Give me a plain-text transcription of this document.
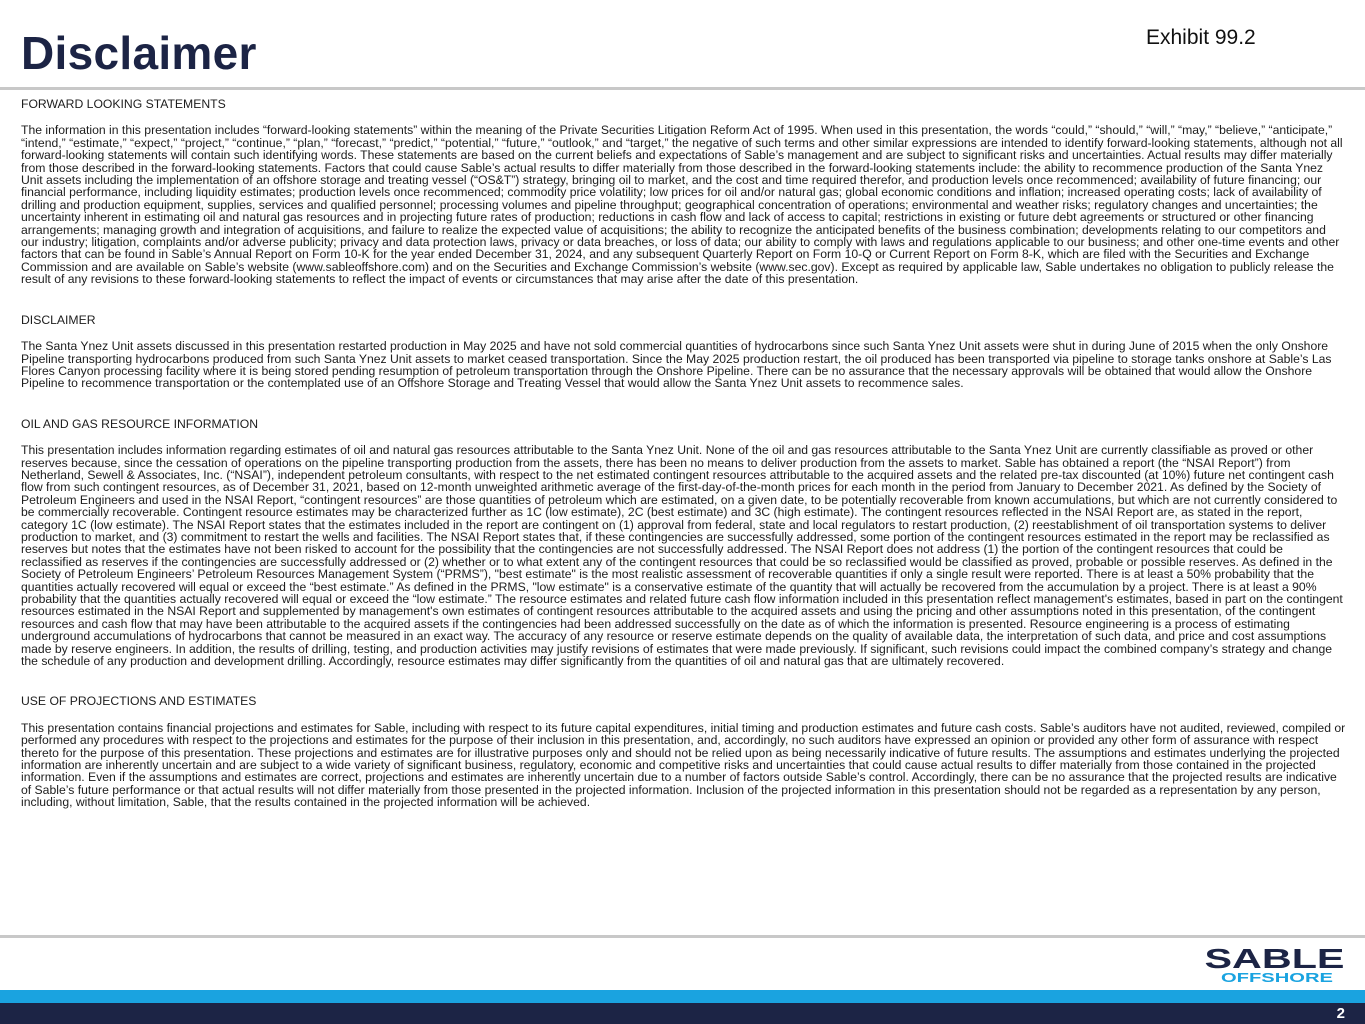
Disclaimer	Exhibit 99.2

FORWARD LOOKING STATEMENTS

The information in this presentation includes “forward-looking statements” within the meaning of the Private Securities Litigation Reform Act of 1995. When used in this presentation, the words “could,” “should,” “will,” “may,” “believe,” “anticipate,” “intend,” “estimate,” “expect,” “project,” “continue,” “plan,” “forecast,” “predict,” “potential,” “future,” “outlook,” and “target,” the negative of such terms and other similar expressions are intended to identify forward-looking statements, although not all forward-looking statements will contain such identifying words. These statements are based on the current beliefs and expectations of Sable’s management and are subject to significant risks and uncertainties. Actual results may differ materially from those described in the forward-looking statements. Factors that could cause Sable’s actual results to differ materially from those described in the forward-looking statements include: the ability to recommence production of the Santa Ynez Unit assets including the implementation of an offshore storage and treating vessel (“OS&T”) strategy, bringing oil to market, and the cost and time required therefor, and production levels once recommenced; availability of future financing; our financial performance, including liquidity estimates; production levels once recommenced; commodity price volatility; low prices for oil and/or natural gas; global economic conditions and inflation; increased operating costs; lack of availability of drilling and production equipment, supplies, services and qualified personnel; processing volumes and pipeline throughput; geographical concentration of operations; environmental and weather risks; regulatory changes and uncertainties; the uncertainty inherent in estimating oil and natural gas resources and in projecting future rates of production; reductions in cash flow and lack of access to capital; restrictions in existing or future debt agreements or structured or other financing arrangements; managing growth and integration of acquisitions, and failure to realize the expected value of acquisitions; the ability to recognize the anticipated benefits of the business combination; developments relating to our competitors and our industry; litigation, complaints and/or adverse publicity; privacy and data protection laws, privacy or data breaches, or loss of data; our ability to comply with laws and regulations applicable to our business; and other one-time events and other factors that can be found in Sable’s Annual Report on Form 10-K for the year ended December 31, 2024, and any subsequent Quarterly Report on Form 10-Q or Current Report on Form 8-K, which are filed with the Securities and Exchange Commission and are available on Sable’s website (www.sableoffshore.com) and on the Securities and Exchange Commission’s website (www.sec.gov). Except as required by applicable law, Sable undertakes no obligation to publicly release the result of any revisions to these forward-looking statements to reflect the impact of events or circumstances that may arise after the date of this presentation.

DISCLAIMER

The Santa Ynez Unit assets discussed in this presentation restarted production in May 2025 and have not sold commercial quantities of hydrocarbons since such Santa Ynez Unit assets were shut in during June of 2015 when the only Onshore Pipeline transporting hydrocarbons produced from such Santa Ynez Unit assets to market ceased transportation. Since the May 2025 production restart, the oil produced has been transported via pipeline to storage tanks onshore at Sable’s Las Flores Canyon processing facility where it is being stored pending resumption of petroleum transportation through the Onshore Pipeline. There can be no assurance that the necessary approvals will be obtained that would allow the Onshore Pipeline to recommence transportation or the contemplated use of an Offshore Storage and Treating Vessel that would allow the Santa Ynez Unit assets to recommence sales.

OIL AND GAS RESOURCE INFORMATION

This presentation includes information regarding estimates of oil and natural gas resources attributable to the Santa Ynez Unit. None of the oil and gas resources attributable to the Santa Ynez Unit are currently classifiable as proved or other reserves because, since the cessation of operations on the pipeline transporting production from the assets, there has been no means to deliver production from the assets to market. Sable has obtained a report (the “NSAI Report”) from Netherland, Sewell & Associates, Inc. (“NSAI”), independent petroleum consultants, with respect to the net estimated contingent resources attributable to the acquired assets and the related pre-tax discounted (at 10%) future net contingent cash flow from such contingent resources, as of December 31, 2021, based on 12-month unweighted arithmetic average of the first-day-of-the-month prices for each month in the period from January to December 2021. As defined by the Society of Petroleum Engineers and used in the NSAI Report, “contingent resources” are those quantities of petroleum which are estimated, on a given date, to be potentially recoverable from known accumulations, but which are not currently considered to be commercially recoverable. Contingent resource estimates may be characterized further as 1C (low estimate), 2C (best estimate) and 3C (high estimate). The contingent resources reflected in the NSAI Report are, as stated in the report, category 1C (low estimate). The NSAI Report states that the estimates included in the report are contingent on (1) approval from federal, state and local regulators to restart production, (2) reestablishment of oil transportation systems to deliver production to market, and (3) commitment to restart the wells and facilities. The NSAI Report states that, if these contingencies are successfully addressed, some portion of the contingent resources estimated in the report may be reclassified as reserves but notes that the estimates have not been risked to account for the possibility that the contingencies are not successfully addressed. The NSAI Report does not address (1) the portion of the contingent resources that could be reclassified as reserves if the contingencies are successfully addressed or (2) whether or to what extent any of the contingent resources that could be so reclassified would be classified as proved, probable or possible reserves. As defined in the Society of Petroleum Engineers’ Petroleum Resources Management System (“PRMS”), "best estimate" is the most realistic assessment of recoverable quantities if only a single result were reported. There is at least a 50% probability that the quantities actually recovered will equal or exceed the “best estimate.” As defined in the PRMS, "low estimate" is a conservative estimate of the quantity that will actually be recovered from the accumulation by a project. There is at least a 90% probability that the quantities actually recovered will equal or exceed the “low estimate.” The resource estimates and related future cash flow information included in this presentation reflect management's estimates, based in part on the contingent resources estimated in the NSAI Report and supplemented by management's own estimates of contingent resources attributable to the acquired assets and using the pricing and other assumptions noted in this presentation, of the contingent resources and cash flow that may have been attributable to the acquired assets if the contingencies had been addressed successfully on the date as of which the information is presented. Resource engineering is a process of estimating underground accumulations of hydrocarbons that cannot be measured in an exact way. The accuracy of any resource or reserve estimate depends on the quality of available data, the interpretation of such data, and price and cost assumptions made by reserve engineers. In addition, the results of drilling, testing, and production activities may justify revisions of estimates that were made previously. If significant, such revisions could impact the combined company’s strategy and change the schedule of any production and development drilling. Accordingly, resource estimates may differ significantly from the quantities of oil and natural gas that are ultimately recovered.

USE OF PROJECTIONS AND ESTIMATES

This presentation contains financial projections and estimates for Sable, including with respect to its future capital expenditures, initial timing and production estimates and future cash costs. Sable’s auditors have not audited, reviewed, compiled or performed any procedures with respect to the projections and estimates for the purpose of their inclusion in this presentation, and, accordingly, no such auditors have expressed an opinion or provided any other form of assurance with respect thereto for the purpose of this presentation. These projections and estimates are for illustrative purposes only and should not be relied upon as being necessarily indicative of future results. The assumptions and estimates underlying the projected information are inherently uncertain and are subject to a wide variety of significant business, regulatory, economic and competitive risks and uncertainties that could cause actual results to differ materially from those contained in the projected information. Even if the assumptions and estimates are correct, projections and estimates are inherently uncertain due to a number of factors outside Sable’s control. Accordingly, there can be no assurance that the projected results are indicative of Sable’s future performance or that actual results will not differ materially from those presented in the projected information. Inclusion of the projected information in this presentation should not be regarded as a representation by any person, including, without limitation, Sable, that the results contained in the projected information will be achieved.

SABLE
OFFSHORE
2
